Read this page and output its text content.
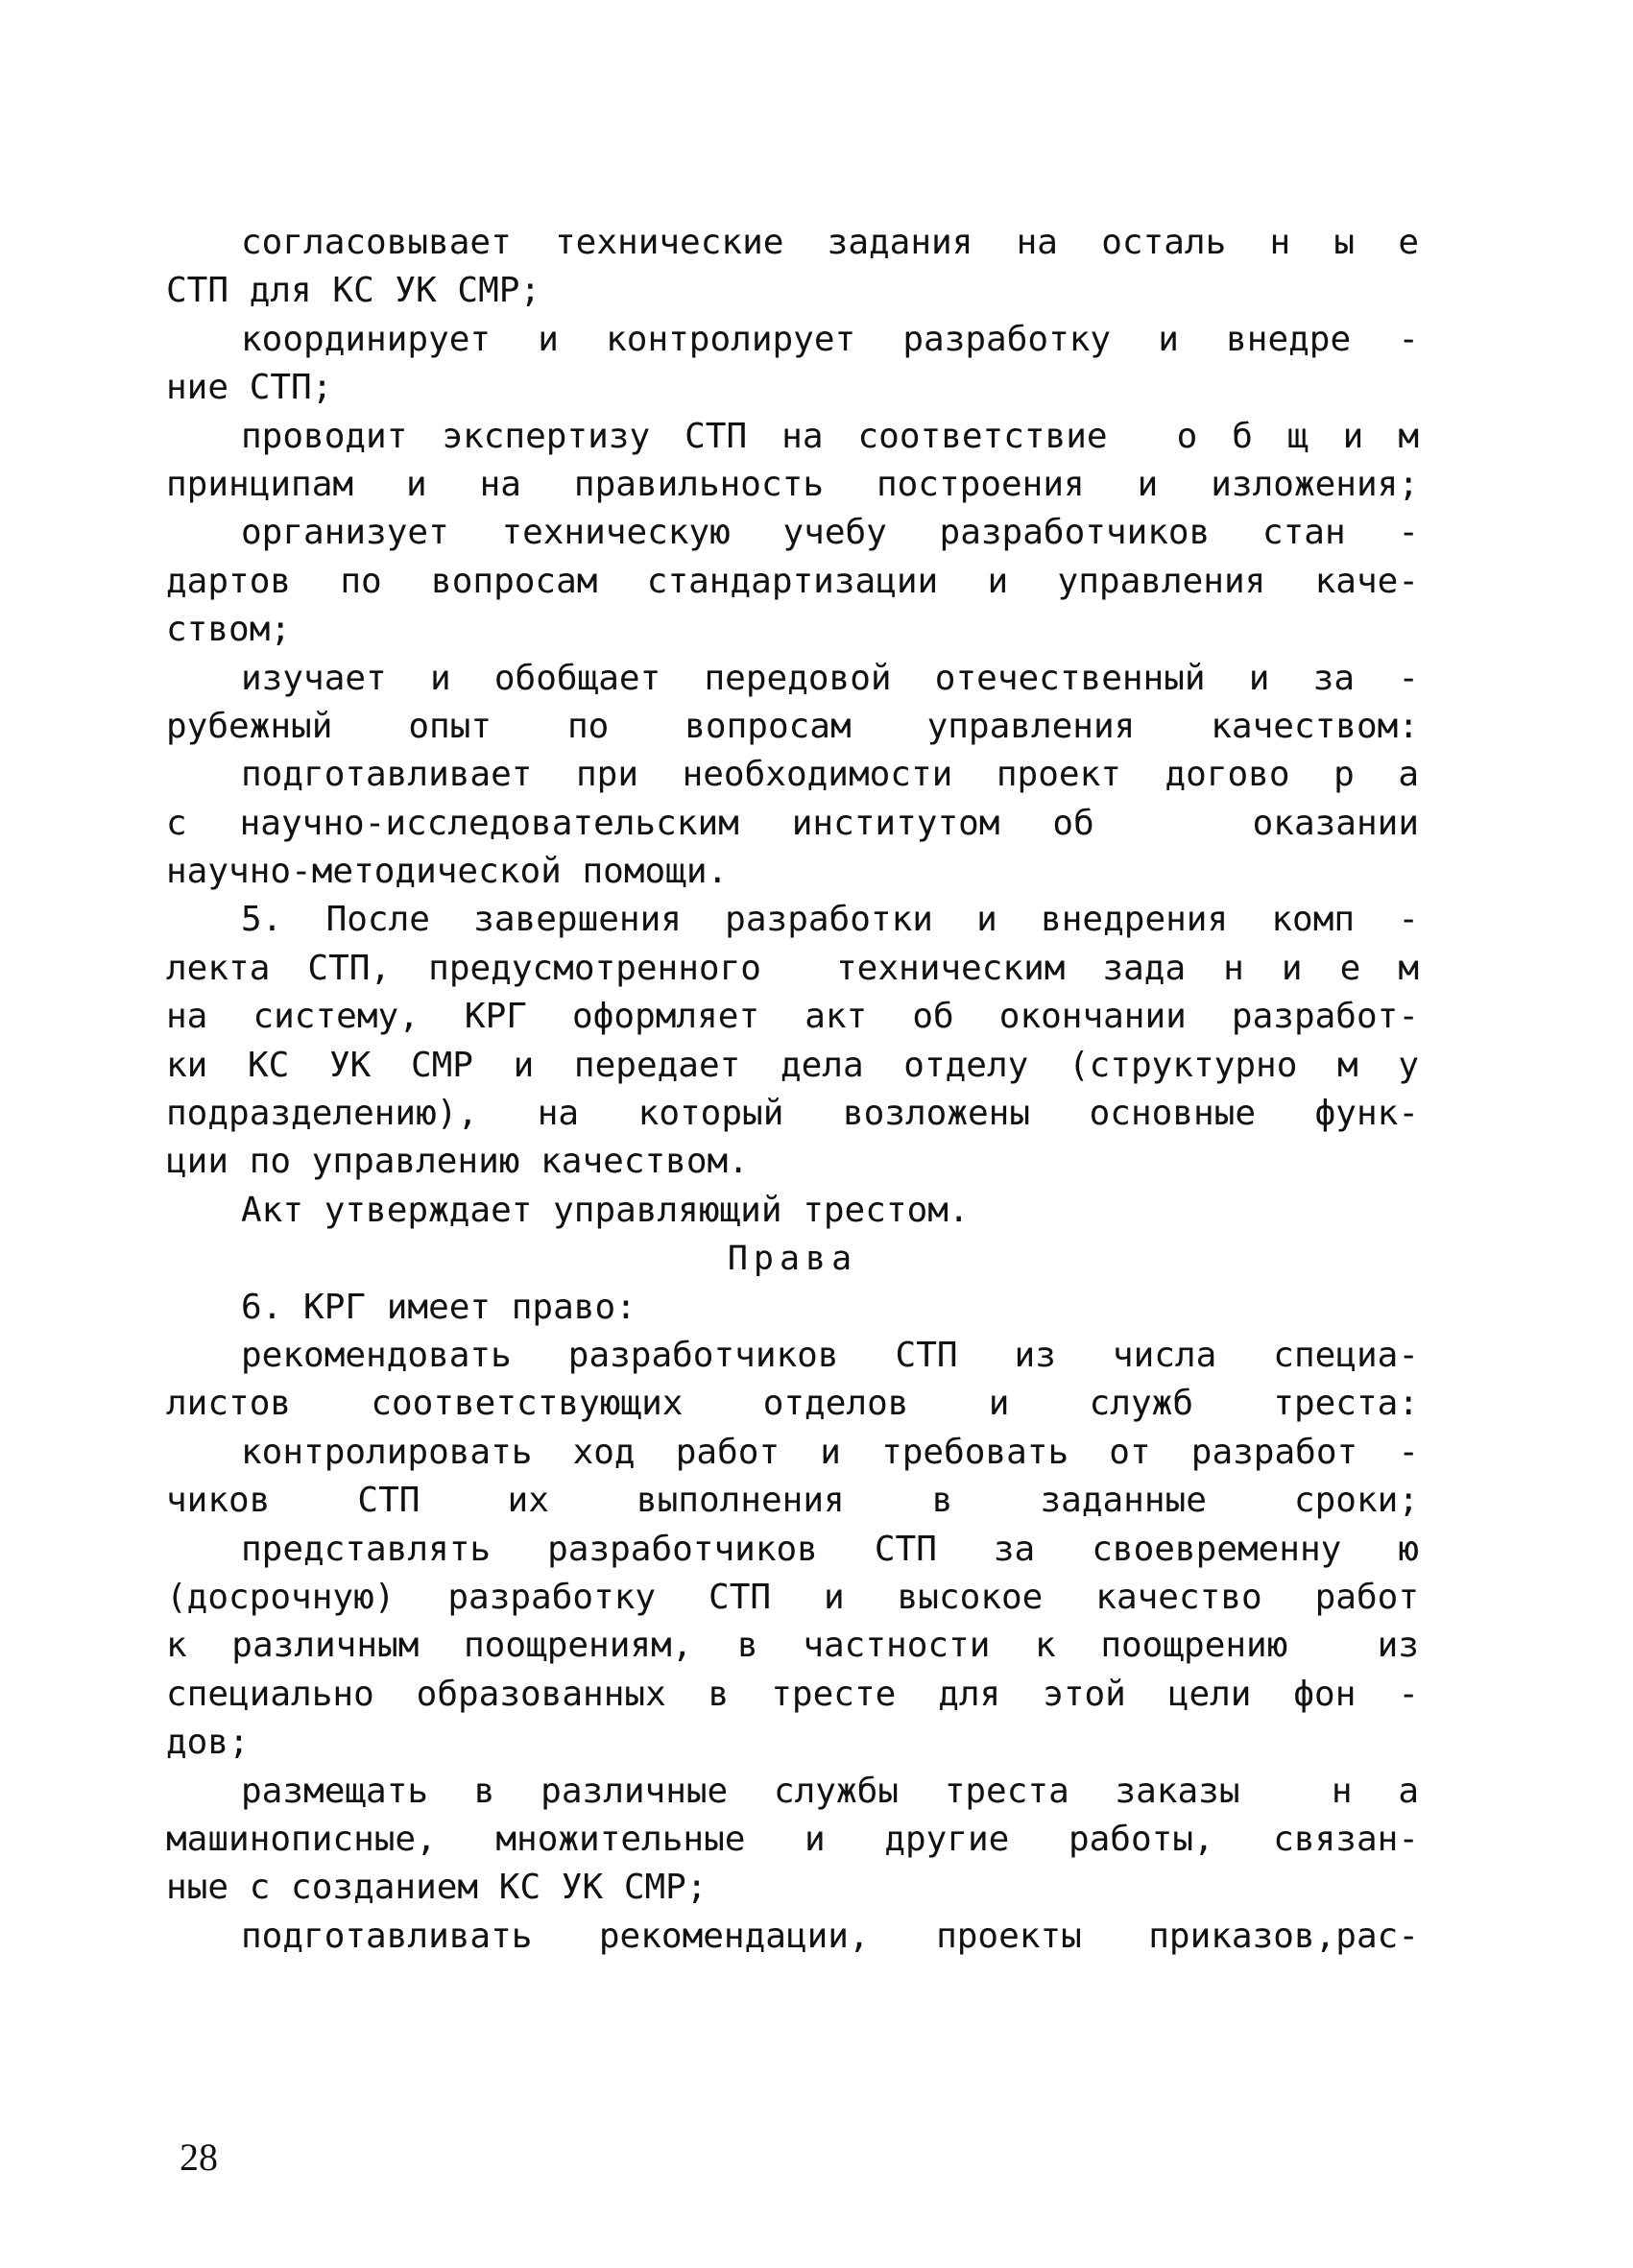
согласовывает технические задания на осталь н ы е
СТП для КС УК СМР;
координирует и контролирует разработку и внедре -
ние СТП;
проводит экспертизу СТП на соответствие  о б щ и м
принципам и на правильность построения и изложения;
организует техническую учебу разработчиков стан -
дартов по вопросам стандартизации и управления каче-
ством;
изучает и обобщает передовой отечественный и за -
рубежный опыт по вопросам управления качеством:
подготавливает при необходимости проект догово р а
с научно-исследовательским институтом об   оказании
научно-методической помощи.
5. После завершения разработки и внедрения комп -
лекта СТП, предусмотренного  техническим зада н и е м
на систему, КРГ оформляет акт об окончании разработ-
ки КС УК СМР и передает дела отделу (структурно м у
подразделению), на который возложены основные функ-
ции по управлению качеством.
Акт утверждает управляющий трестом.
Права
6. КРГ имеет право:
рекомендовать разработчиков СТП из числа специа-
листов соответствующих отделов и служб треста:
контролировать ход работ и требовать от разработ -
чиков СТП их выполнения в заданные сроки;
представлять разработчиков СТП за своевременну ю
(досрочную) разработку СТП и высокое качество работ
к различным поощрениям, в частности к поощрению  из
специально образованных в тресте для этой цели фон -
дов;
размещать в различные службы треста заказы  н а
машинописные, множительные и другие работы, связан-
ные с созданием КС УК СМР;
подготавливать рекомендации, проекты приказов,рас-
28
